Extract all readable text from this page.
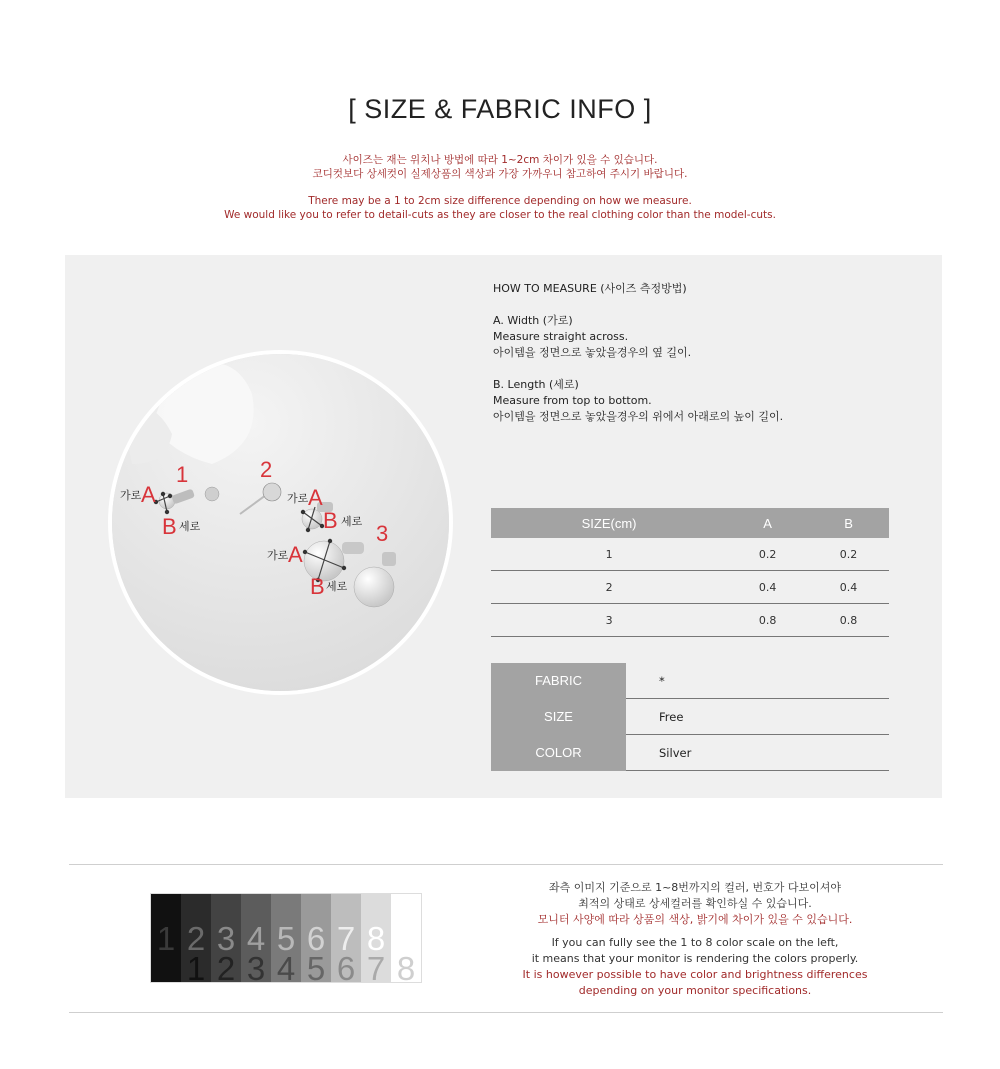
[ SIZE & FABRIC INFO ]
사이즈는 재는 위치나 방법에 따라 1~2cm 차이가 있을 수 있습니다.
코디컷보다 상세컷이 실제상품의 색상과 가장 가까우니 참고하여 주시기 바랍니다.
There may be a 1 to 2cm size difference depending on how we measure.
We would like you to refer to detail-cuts as they are closer to the real clothing color than the model-cuts.
1	2
3
가로 A
B 세로
가로 A
B 세로
가로 A
B 세로
HOW TO MEASURE (사이즈 측정방법)
A. Width (가로)
Measure straight across.
아이템을 정면으로 놓았을경우의 옆 길이.
B. Length (세로)
Measure from top to bottom.
아이템을 정면으로 놓았을경우의 위에서 아래로의 높이 길이.
SIZE(cm)	A	B
1	0.2	0.2
2	0.4	0.4
3	0.8	0.8
FABRIC	*
SIZE	Free
COLOR	Silver
1 2
1
3
2
4
3
5
4
6
5
7
6
8
7 8
좌측 이미지 기준으로 1~8번까지의 컬러, 번호가 다보이셔야
최적의 상태로 상세컬러를 확인하실 수 있습니다.
모니터 사양에 따라 상품의 색상, 밝기에 차이가 있을 수 있습니다.
If you can fully see the 1 to 8 color scale on the left,
it means that your monitor is rendering the colors properly.
It is however possible to have color and brightness differences
depending on your monitor specifications.
